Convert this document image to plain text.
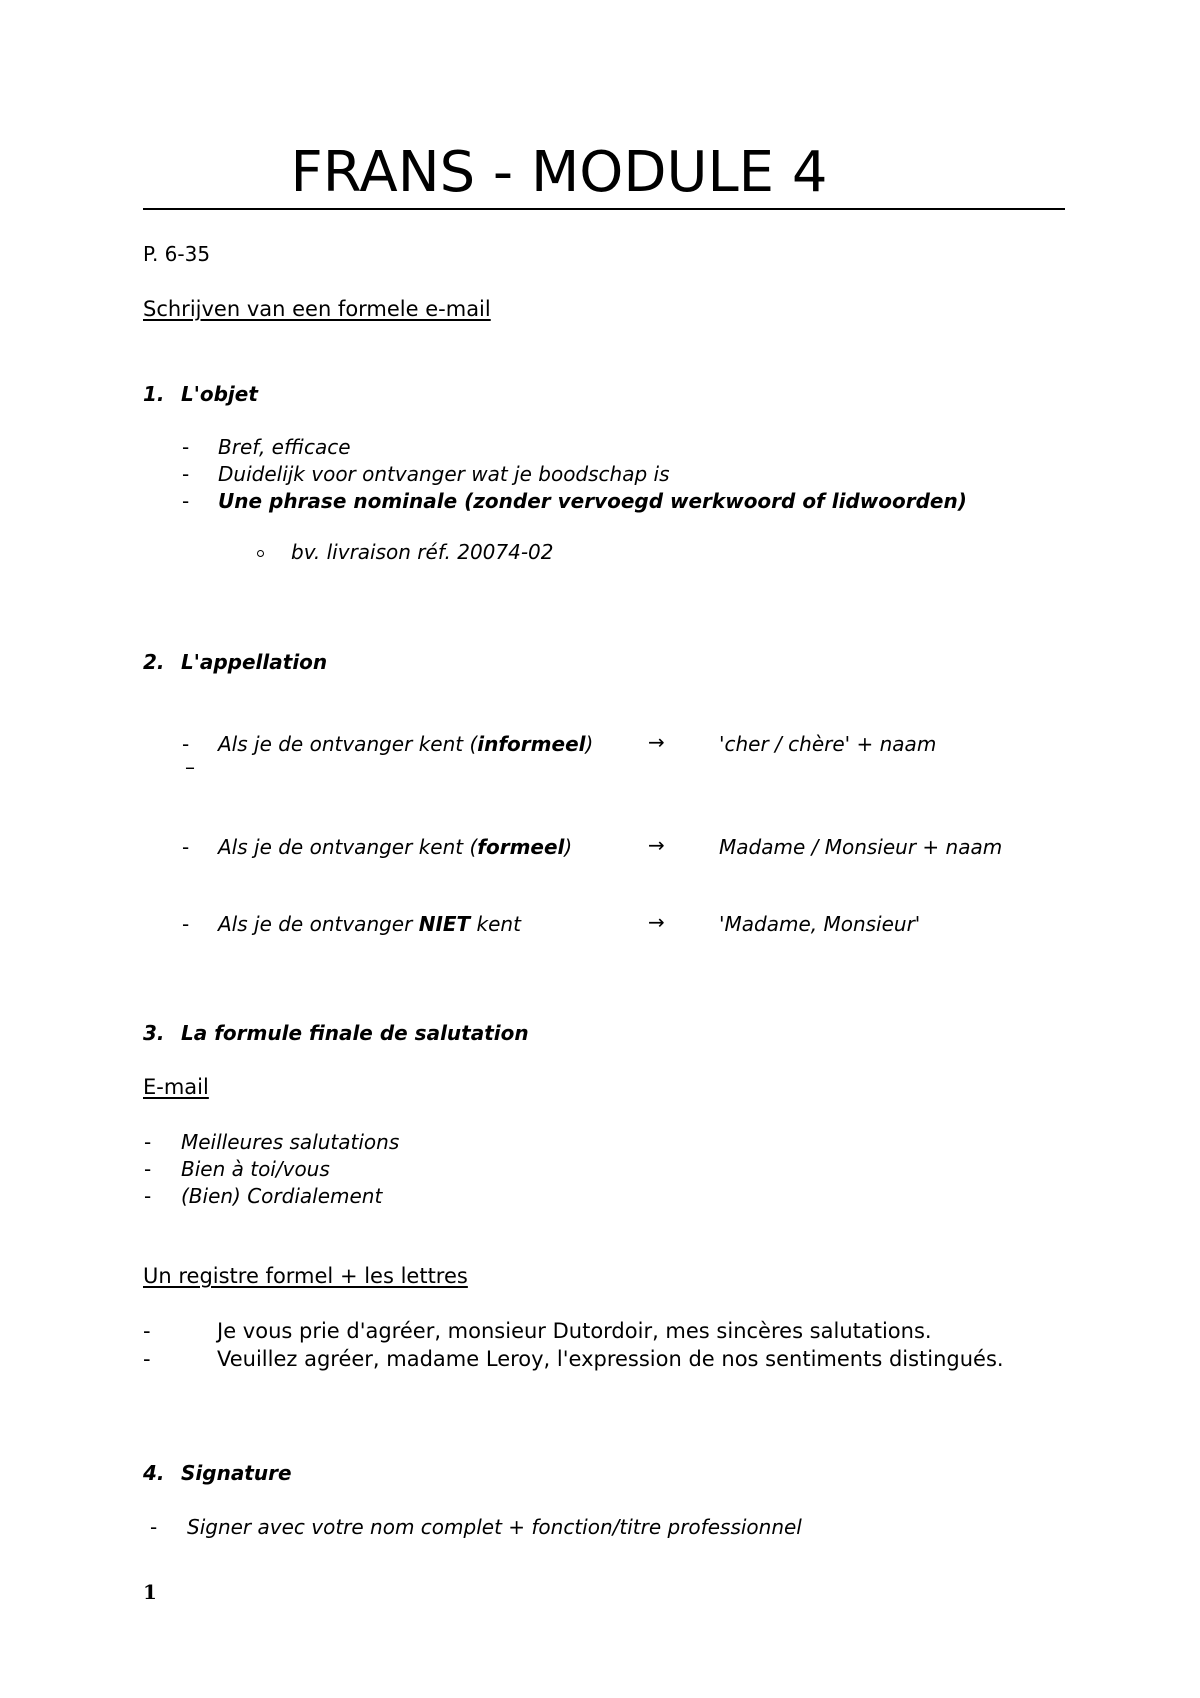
FRANS - MODULE 4
P. 6-35
Schrijven van een formele e-mail
1. L'objet
- Bref, efficace
- Duidelijk voor ontvanger wat je boodschap is
- Une phrase nominale (zonder vervoegd werkwoord of lidwoorden)
bv. livraison réf. 20074-02
2. L'appellation
- Als je de ontvanger kent (informeel)	→	'cher / chère' + naam
–
- Als je de ontvanger kent (formeel)	→	Madame / Monsieur + naam
- Als je de ontvanger NIET kent	→	'Madame, Monsieur'
3. La formule finale de salutation
E-mail
- Meilleures salutations
- Bien à toi/vous
- (Bien) Cordialement
Un registre formel + les lettres
-	Je vous prie d'agréer, monsieur Dutordoir, mes sincères salutations.
-	Veuillez agréer, madame Leroy, l'expression de nos sentiments distingués.
4. Signature
- Signer avec votre nom complet + fonction/titre professionnel
1
